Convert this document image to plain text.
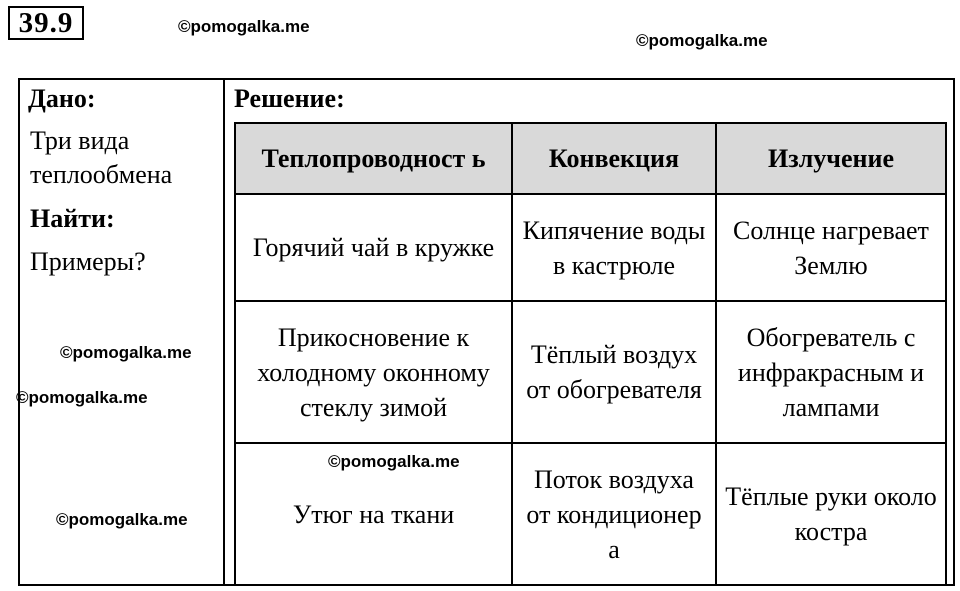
39.9	©pomogalka.me
©pomogalka.me
Дано:
Три вида
теплообмена
Найти:
Примеры?
©pomogalka.me
©pomogalka.me
©pomogalka.me
Решение:
Теплопроводност ь	Конвекция	Излучение
Горячий чай в кружке	Кипячение воды в кастрюле	Солнце нагревает Землю
Прикосновение к холодному оконному стеклу зимой	Тёплый воздух от обогревателя	Обогреватель с инфракрасным и лампами
Утюг на ткани	Поток воздуха от кондиционер а	Тёплые руки около костра
©pomogalka.me
